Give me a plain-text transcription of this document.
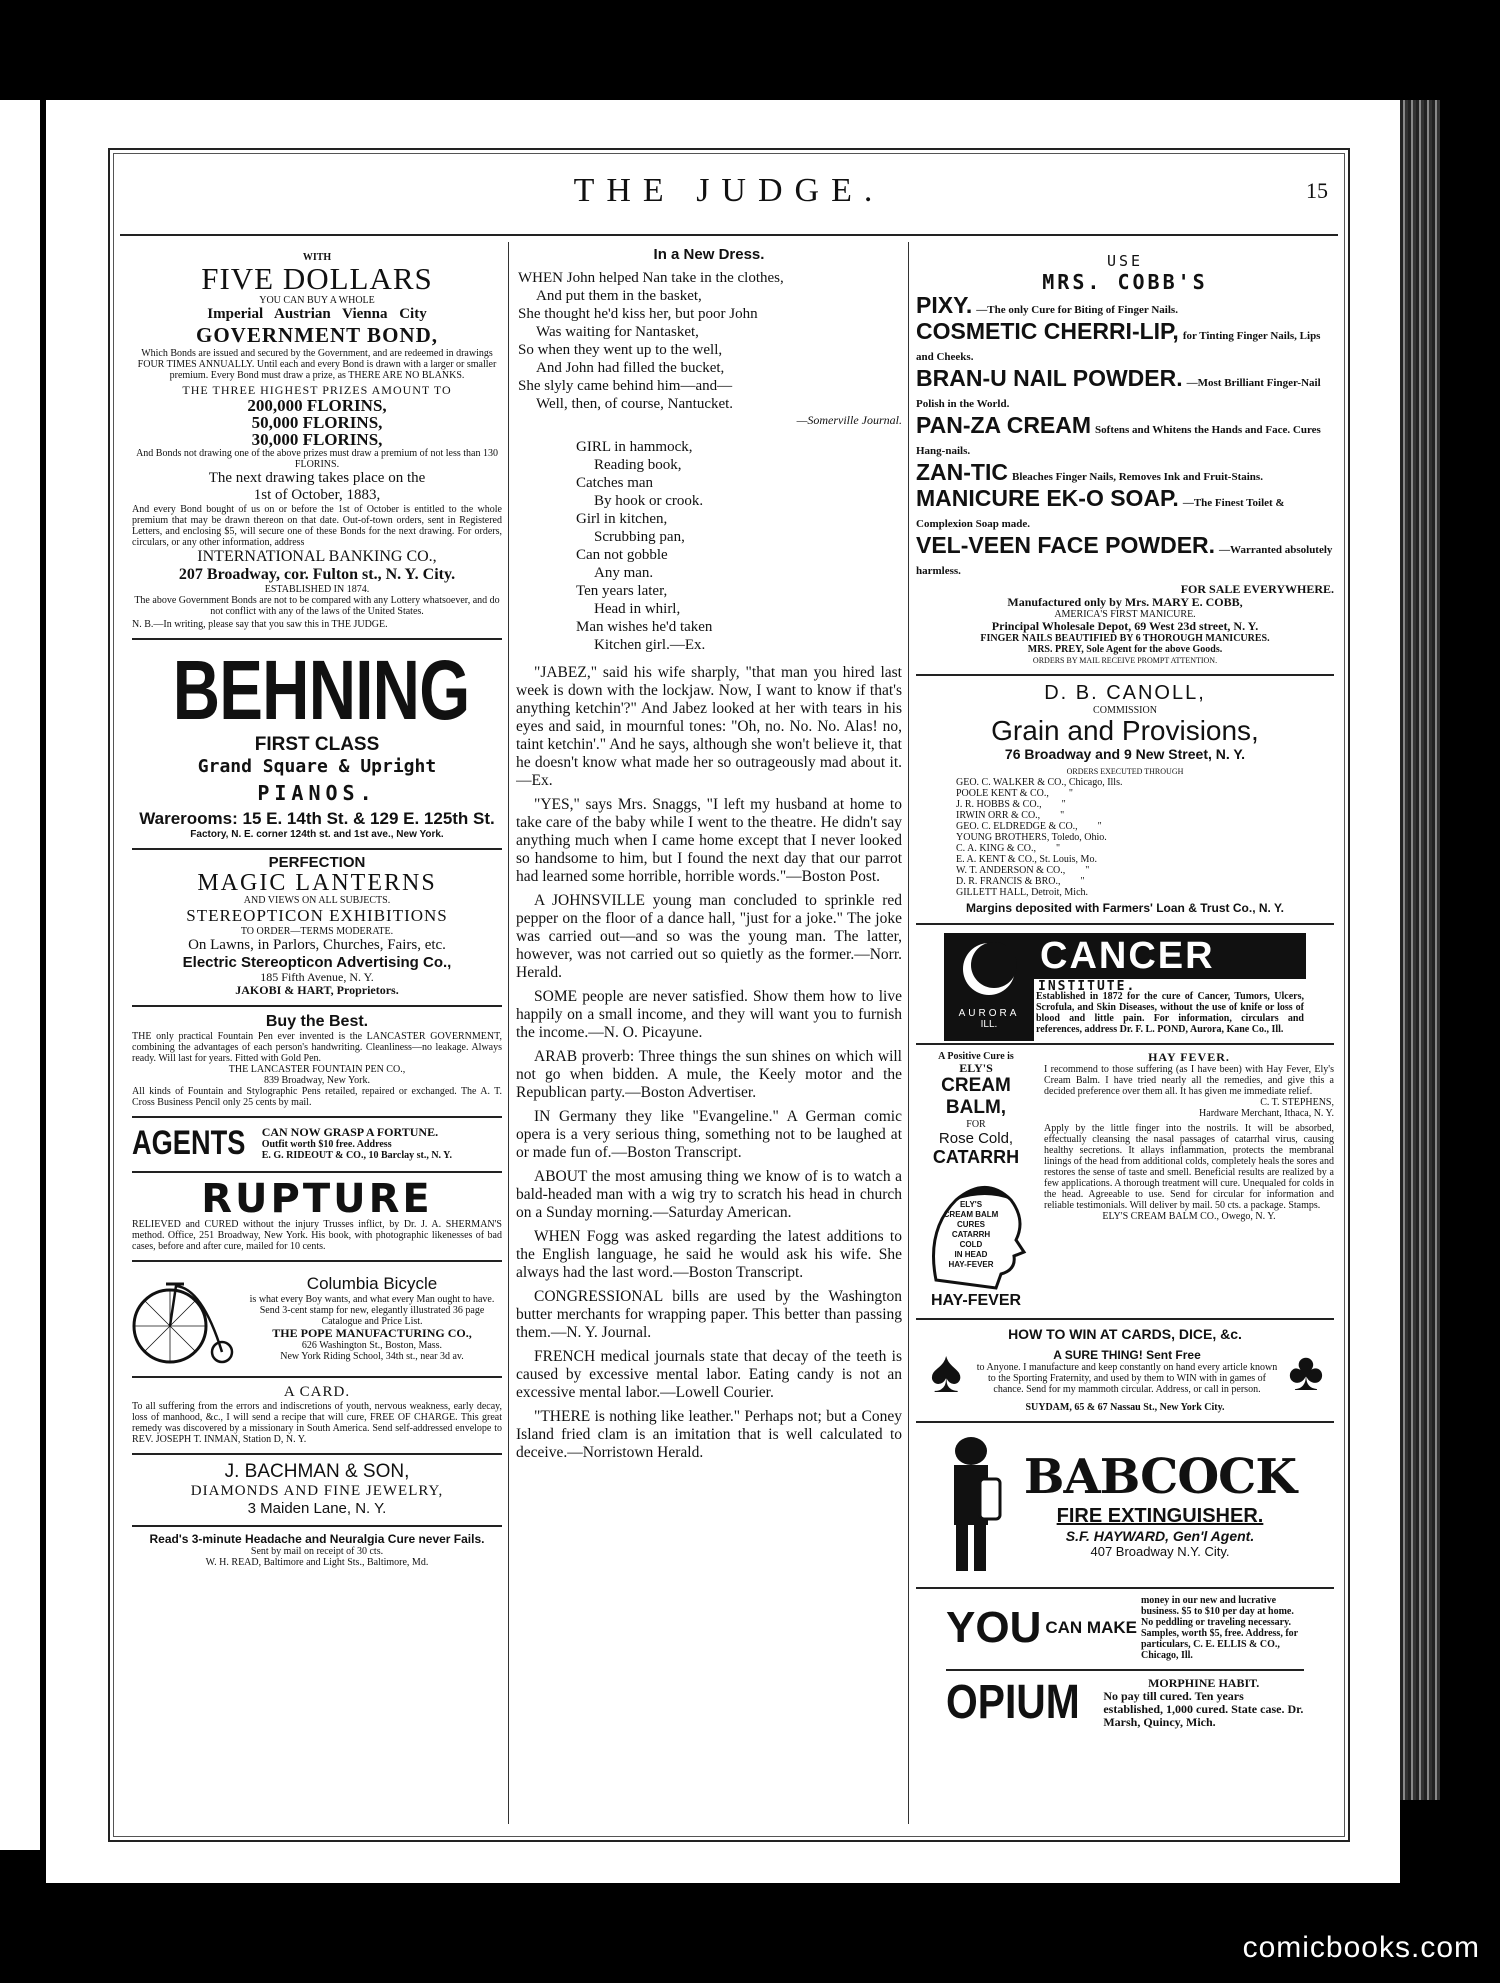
THE JUDGE.	15
WITH
FIVE DOLLARS
YOU CAN BUY A WHOLE
Imperial Austrian Vienna City
GOVERNMENT BOND,
Which Bonds are issued and secured by the Government, and are redeemed in drawings FOUR TIMES ANNUALLY. Until each and every Bond is drawn with a larger or smaller premium. Every Bond must draw a prize, as THERE ARE NO BLANKS.
THE THREE HIGHEST PRIZES AMOUNT TO
200,000 FLORINS,
50,000 FLORINS,
30,000 FLORINS,
And Bonds not drawing one of the above prizes must draw a premium of not less than 130 FLORINS.
The next drawing takes place on the
1st of October, 1883,
And every Bond bought of us on or before the 1st of October is entitled to the whole premium that may be drawn thereon on that date. Out-of-town orders, sent in Registered Letters, and enclosing $5, will secure one of these Bonds for the next drawing. For orders, circulars, or any other information, address
INTERNATIONAL BANKING CO.,
207 Broadway, cor. Fulton st., N. Y. City.
ESTABLISHED IN 1874.
The above Government Bonds are not to be compared with any Lottery whatsoever, and do not conflict with any of the laws of the United States.
N. B.—In writing, please say that you saw this in THE JUDGE.
BEHNING
FIRST CLASS
Grand Square & Upright
PIANOS.
Warerooms: 15 E. 14th St. & 129 E. 125th St.
Factory, N. E. corner 124th st. and 1st ave., New York.
PERFECTION
MAGIC LANTERNS
AND VIEWS ON ALL SUBJECTS.
STEREOPTICON EXHIBITIONS
TO ORDER—TERMS MODERATE.
On Lawns, in Parlors, Churches, Fairs, etc.
Electric Stereopticon Advertising Co.,
185 Fifth Avenue, N. Y.
JAKOBI & HART, Proprietors.
Buy the Best.
THE only practical Fountain Pen ever invented is the LANCASTER GOVERNMENT, combining the advantages of each person's handwriting. Cleanliness—no leakage. Always ready. Will last for years. Fitted with Gold Pen.
THE LANCASTER FOUNTAIN PEN CO.,
839 Broadway, New York.
All kinds of Fountain and Stylographic Pens retailed, repaired or exchanged. The A. T. Cross Business Pencil only 25 cents by mail.
AGENTS CAN NOW GRASP A FORTUNE.
Outfit worth $10 free. Address
E. G. RIDEOUT & CO., 10 Barclay st., N. Y.
RUPTURE
RELIEVED and CURED without the injury Trusses inflict, by Dr. J. A. SHERMAN'S method. Office, 251 Broadway, New York. His book, with photographic likenesses of bad cases, before and after cure, mailed for 10 cents.
Columbia Bicycle
is what every Boy wants, and what every Man ought to have.
Send 3-cent stamp for new, elegantly illustrated 36 page Catalogue and Price List.
THE POPE MANUFACTURING CO.,
626 Washington St., Boston, Mass.
New York Riding School, 34th st., near 3d av.
A CARD.
To all suffering from the errors and indiscretions of youth, nervous weakness, early decay, loss of manhood, &c., I will send a recipe that will cure, FREE OF CHARGE. This great remedy was discovered by a missionary in South America. Send self-addressed envelope to REV. JOSEPH T. INMAN, Station D, N. Y.
J. BACHMAN & SON,
DIAMONDS AND FINE JEWELRY,
3 Maiden Lane, N. Y.
Read's 3-minute Headache and Neuralgia Cure never Fails.
Sent by mail on receipt of 30 cts.
W. H. READ, Baltimore and Light Sts., Baltimore, Md.
In a New Dress.
WHEN John helped Nan take in the clothes,
And put them in the basket,
She thought he'd kiss her, but poor John
Was waiting for Nantasket,
So when they went up to the well,
And John had filled the bucket,
She slyly came behind him—and—
Well, then, of course, Nantucket.
—Somerville Journal.
GIRL in hammock,
Reading book,
Catches man
By hook or crook.
Girl in kitchen,
Scrubbing pan,
Can not gobble
Any man.
Ten years later,
Head in whirl,
Man wishes he'd taken
Kitchen girl.—Ex.

"JABEZ," said his wife sharply, "that man you hired last week is down with the lockjaw. Now, I want to know if that's anything ketchin'?" And Jabez looked at her with tears in his eyes and said, in mournful tones: "Oh, no. No. No. Alas! no, taint ketchin'." And he says, although she won't believe it, that he doesn't know what made her so outrageously mad about it.—Ex.

"YES," says Mrs. Snaggs, "I left my husband at home to take care of the baby while I went to the theatre. He didn't say anything much when I came home except that I never looked so handsome to him, but I found the next day that our parrot had learned some horrible, horrible words."—Boston Post.

A JOHNSVILLE young man concluded to sprinkle red pepper on the floor of a dance hall, "just for a joke." The joke was carried out—and so was the young man. The latter, however, was not carried out so quietly as the former.—Norr. Herald.

SOME people are never satisfied. Show them how to live happily on a small income, and they will want you to furnish the income.—N. O. Picayune.

ARAB proverb: Three things the sun shines on which will not go when bidden. A mule, the Keely motor and the Republican party.—Boston Advertiser.

IN Germany they like "Evangeline." A German comic opera is a very serious thing, something not to be laughed at or made fun of.—Boston Transcript.

ABOUT the most amusing thing we know of is to watch a bald-headed man with a wig try to scratch his head in church on a Sunday morning.—Saturday American.

WHEN Fogg was asked regarding the latest additions to the English language, he said he would ask his wife. She always had the last word.—Boston Transcript.

CONGRESSIONAL bills are used by the Washington butter merchants for wrapping paper. This better than passing them.—N. Y. Journal.

FRENCH medical journals state that decay of the teeth is caused by excessive mental labor. Eating candy is not an excessive mental labor.—Lowell Courier.

"THERE is nothing like leather." Perhaps not; but a Coney Island fried clam is an imitation that is well calculated to deceive.—Norristown Herald.

USE
MRS. COBB'S
PIXY. —The only Cure for Biting of Finger Nails.
COSMETIC CHERRI-LIP, for Tinting Finger Nails, Lips and Cheeks.
BRAN-U NAIL POWDER. —Most Brilliant Finger-Nail Polish in the World.
PAN-ZA CREAM Softens and Whitens the Hands and Face. Cures Hang-nails.
ZAN-TIC Bleaches Finger Nails, Removes Ink and Fruit-Stains.
MANICURE EK-O SOAP. —The Finest Toilet & Complexion Soap made.
VEL-VEEN FACE POWDER. —Warranted absolutely harmless.
FOR SALE EVERYWHERE.
Manufactured only by Mrs. MARY E. COBB,
AMERICA'S FIRST MANICURE.
Principal Wholesale Depot, 69 West 23d street, N. Y.
FINGER NAILS BEAUTIFIED BY 6 THOROUGH MANICURES.
MRS. PREY, Sole Agent for the above Goods.
ORDERS BY MAIL RECEIVE PROMPT ATTENTION.
D. B. CANOLL,
COMMISSION
Grain and Provisions,
76 Broadway and 9 New Street, N. Y.
ORDERS EXECUTED THROUGH
GEO. C. WALKER & CO., Chicago, Ills.
POOLE KENT & CO.,        "
J. R. HOBBS & CO.,        "
IRWIN ORR & CO.,        "
GEO. C. ELDREDGE & CO.,        "
YOUNG BROTHERS, Toledo, Ohio.
C. A. KING & CO.,        "
E. A. KENT & CO., St. Louis, Mo.
W. T. ANDERSON & CO.,        "
D. R. FRANCIS & BRO.,        "
GILLETT HALL, Detroit, Mich.
Margins deposited with Farmers' Loan & Trust Co., N. Y.
AURORA
ILL.
CANCER
INSTITUTE.
Established in 1872 for the cure of Cancer, Tumors, Ulcers, Scrofula, and Skin Diseases, without the use of knife or loss of blood and little pain. For information, circulars and references, address Dr. F. L. POND, Aurora, Kane Co., Ill.
A Positive Cure is
ELY'S
CREAM BALM,
FOR
Rose Cold,
CATARRH
ELY'S
CREAM BALM
CURES
CATARRH
COLD
IN HEAD
HAY-FEVER
HAY-FEVER
HAY FEVER.
I recommend to those suffering (as I have been) with Hay Fever, Ely's Cream Balm. I have tried nearly all the remedies, and give this a decided preference over them all. It has given me immediate relief.
C. T. STEPHENS,
Hardware Merchant, Ithaca, N. Y.
Apply by the little finger into the nostrils. It will be absorbed, effectually cleansing the nasal passages of catarrhal virus, causing healthy secretions. It allays inflammation, protects the membranal linings of the head from additional colds, completely heals the sores and restores the sense of taste and smell. Beneficial results are realized by a few applications. A thorough treatment will cure. Unequaled for colds in the head. Agreeable to use. Send for circular for information and reliable testimonials. Will deliver by mail. 50 cts. a package. Stamps.
ELY'S CREAM BALM CO., Owego, N. Y.
HOW TO WIN AT CARDS, DICE, &c.
♠	A SURE THING! Sent Free
to Anyone. I manufacture and keep constantly on hand every article known to the Sporting Fraternity, and used by them to WIN with in games of chance. Send for my mammoth circular. Address, or call in person. ♣
SUYDAM, 65 & 67 Nassau St., New York City.
BABCOCK
FIRE EXTINGUISHER.
S.F. HAYWARD, Gen'l Agent.
407 Broadway N.Y. City.
YOU CAN MAKE
money in our new and lucrative business. $5 to $10 per day at home. No peddling or traveling necessary. Samples, worth $5, free. Address, for particulars, C. E. ELLIS & CO., Chicago, Ill.
OPIUM	MORPHINE HABIT.
No pay till cured. Ten years established, 1,000 cured. State case. Dr. Marsh, Quincy, Mich.
comicbooks.com
